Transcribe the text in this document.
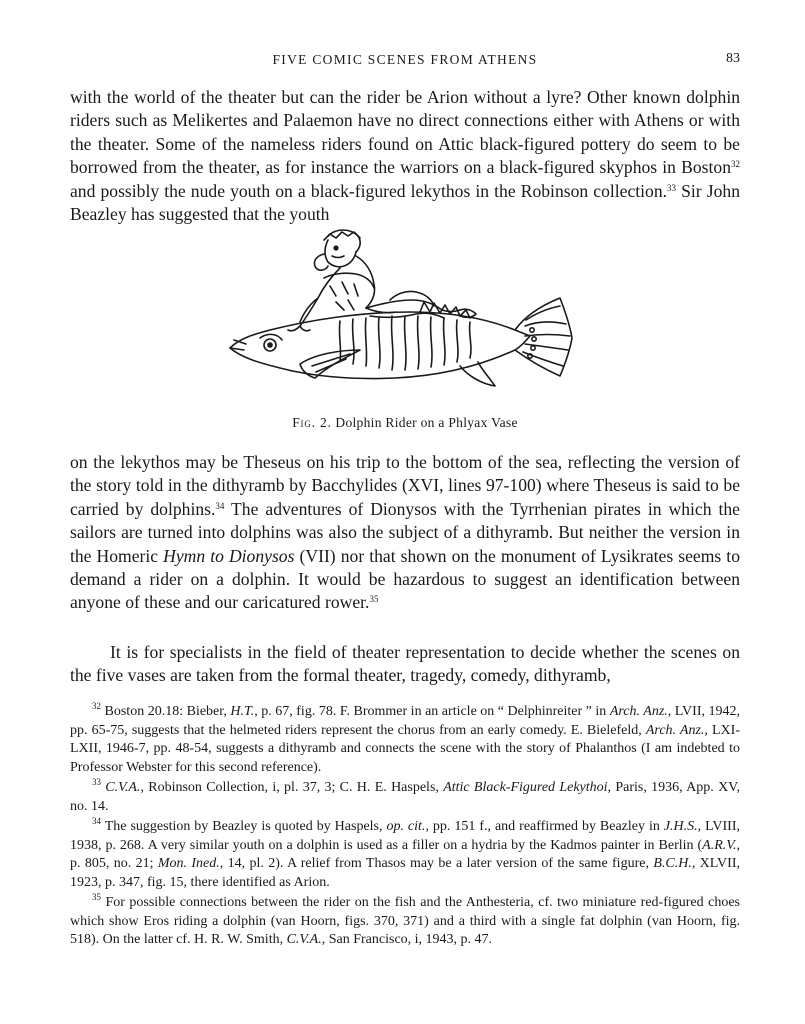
FIVE COMIC SCENES FROM ATHENS	83

with the world of the theater but can the rider be Arion without a lyre? Other known dolphin riders such as Melikertes and Palaemon have no direct connections either with Athens or with the theater. Some of the nameless riders found on Attic black-figured pottery do seem to be borrowed from the theater, as for instance the warriors on a black-figured skyphos in Boston$^{32}$ and possibly the nude youth on a black-figured lekythos in the Robinson collection.$^{33}$ Sir John Beazley has suggested that the youth

Fig. 2. Dolphin Rider on a Phlyax Vase

on the lekythos may be Theseus on his trip to the bottom of the sea, reflecting the version of the story told in the dithyramb by Bacchylides (XVI, lines 97-100) where Theseus is said to be carried by dolphins.$^{34}$ The adventures of Dionysos with the Tyrrhenian pirates in which the sailors are turned into dolphins was also the subject of a dithyramb. But neither the version in the Homeric Hymn to Dionysos (VII) nor that shown on the monument of Lysikrates seems to demand a rider on a dolphin. It would be hazardous to suggest an identification between anyone of these and our caricatured rower.$^{35}$

It is for specialists in the field of theater representation to decide whether the scenes on the five vases are taken from the formal theater, tragedy, comedy, dithyramb,

$^{32}$ Boston 20.18: Bieber, H.T., p. 67, fig. 78. F. Brommer in an article on “ Delphinreiter ” in Arch. Anz., LVII, 1942, pp. 65-75, suggests that the helmeted riders represent the chorus from an early comedy. E. Bielefeld, Arch. Anz., LXI-LXII, 1946-7, pp. 48-54, suggests a dithyramb and connects the scene with the story of Phalanthos (I am indebted to Professor Webster for this second reference).

$^{33}$ C.V.A., Robinson Collection, i, pl. 37, 3; C. H. E. Haspels, Attic Black-Figured Lekythoi, Paris, 1936, App. XV, no. 14.

$^{34}$ The suggestion by Beazley is quoted by Haspels, op. cit., pp. 151 f., and reaffirmed by Beazley in J.H.S., LVIII, 1938, p. 268. A very similar youth on a dolphin is used as a filler on a hydria by the Kadmos painter in Berlin (A.R.V., p. 805, no. 21; Mon. Ined., 14, pl. 2). A relief from Thasos may be a later version of the same figure, B.C.H., XLVII, 1923, p. 347, fig. 15, there identified as Arion.

$^{35}$ For possible connections between the rider on the fish and the Anthesteria, cf. two miniature red-figured choes which show Eros riding a dolphin (van Hoorn, figs. 370, 371) and a third with a single fat dolphin (van Hoorn, fig. 518). On the latter cf. H. R. W. Smith, C.V.A., San Francisco, i, 1943, p. 47.
